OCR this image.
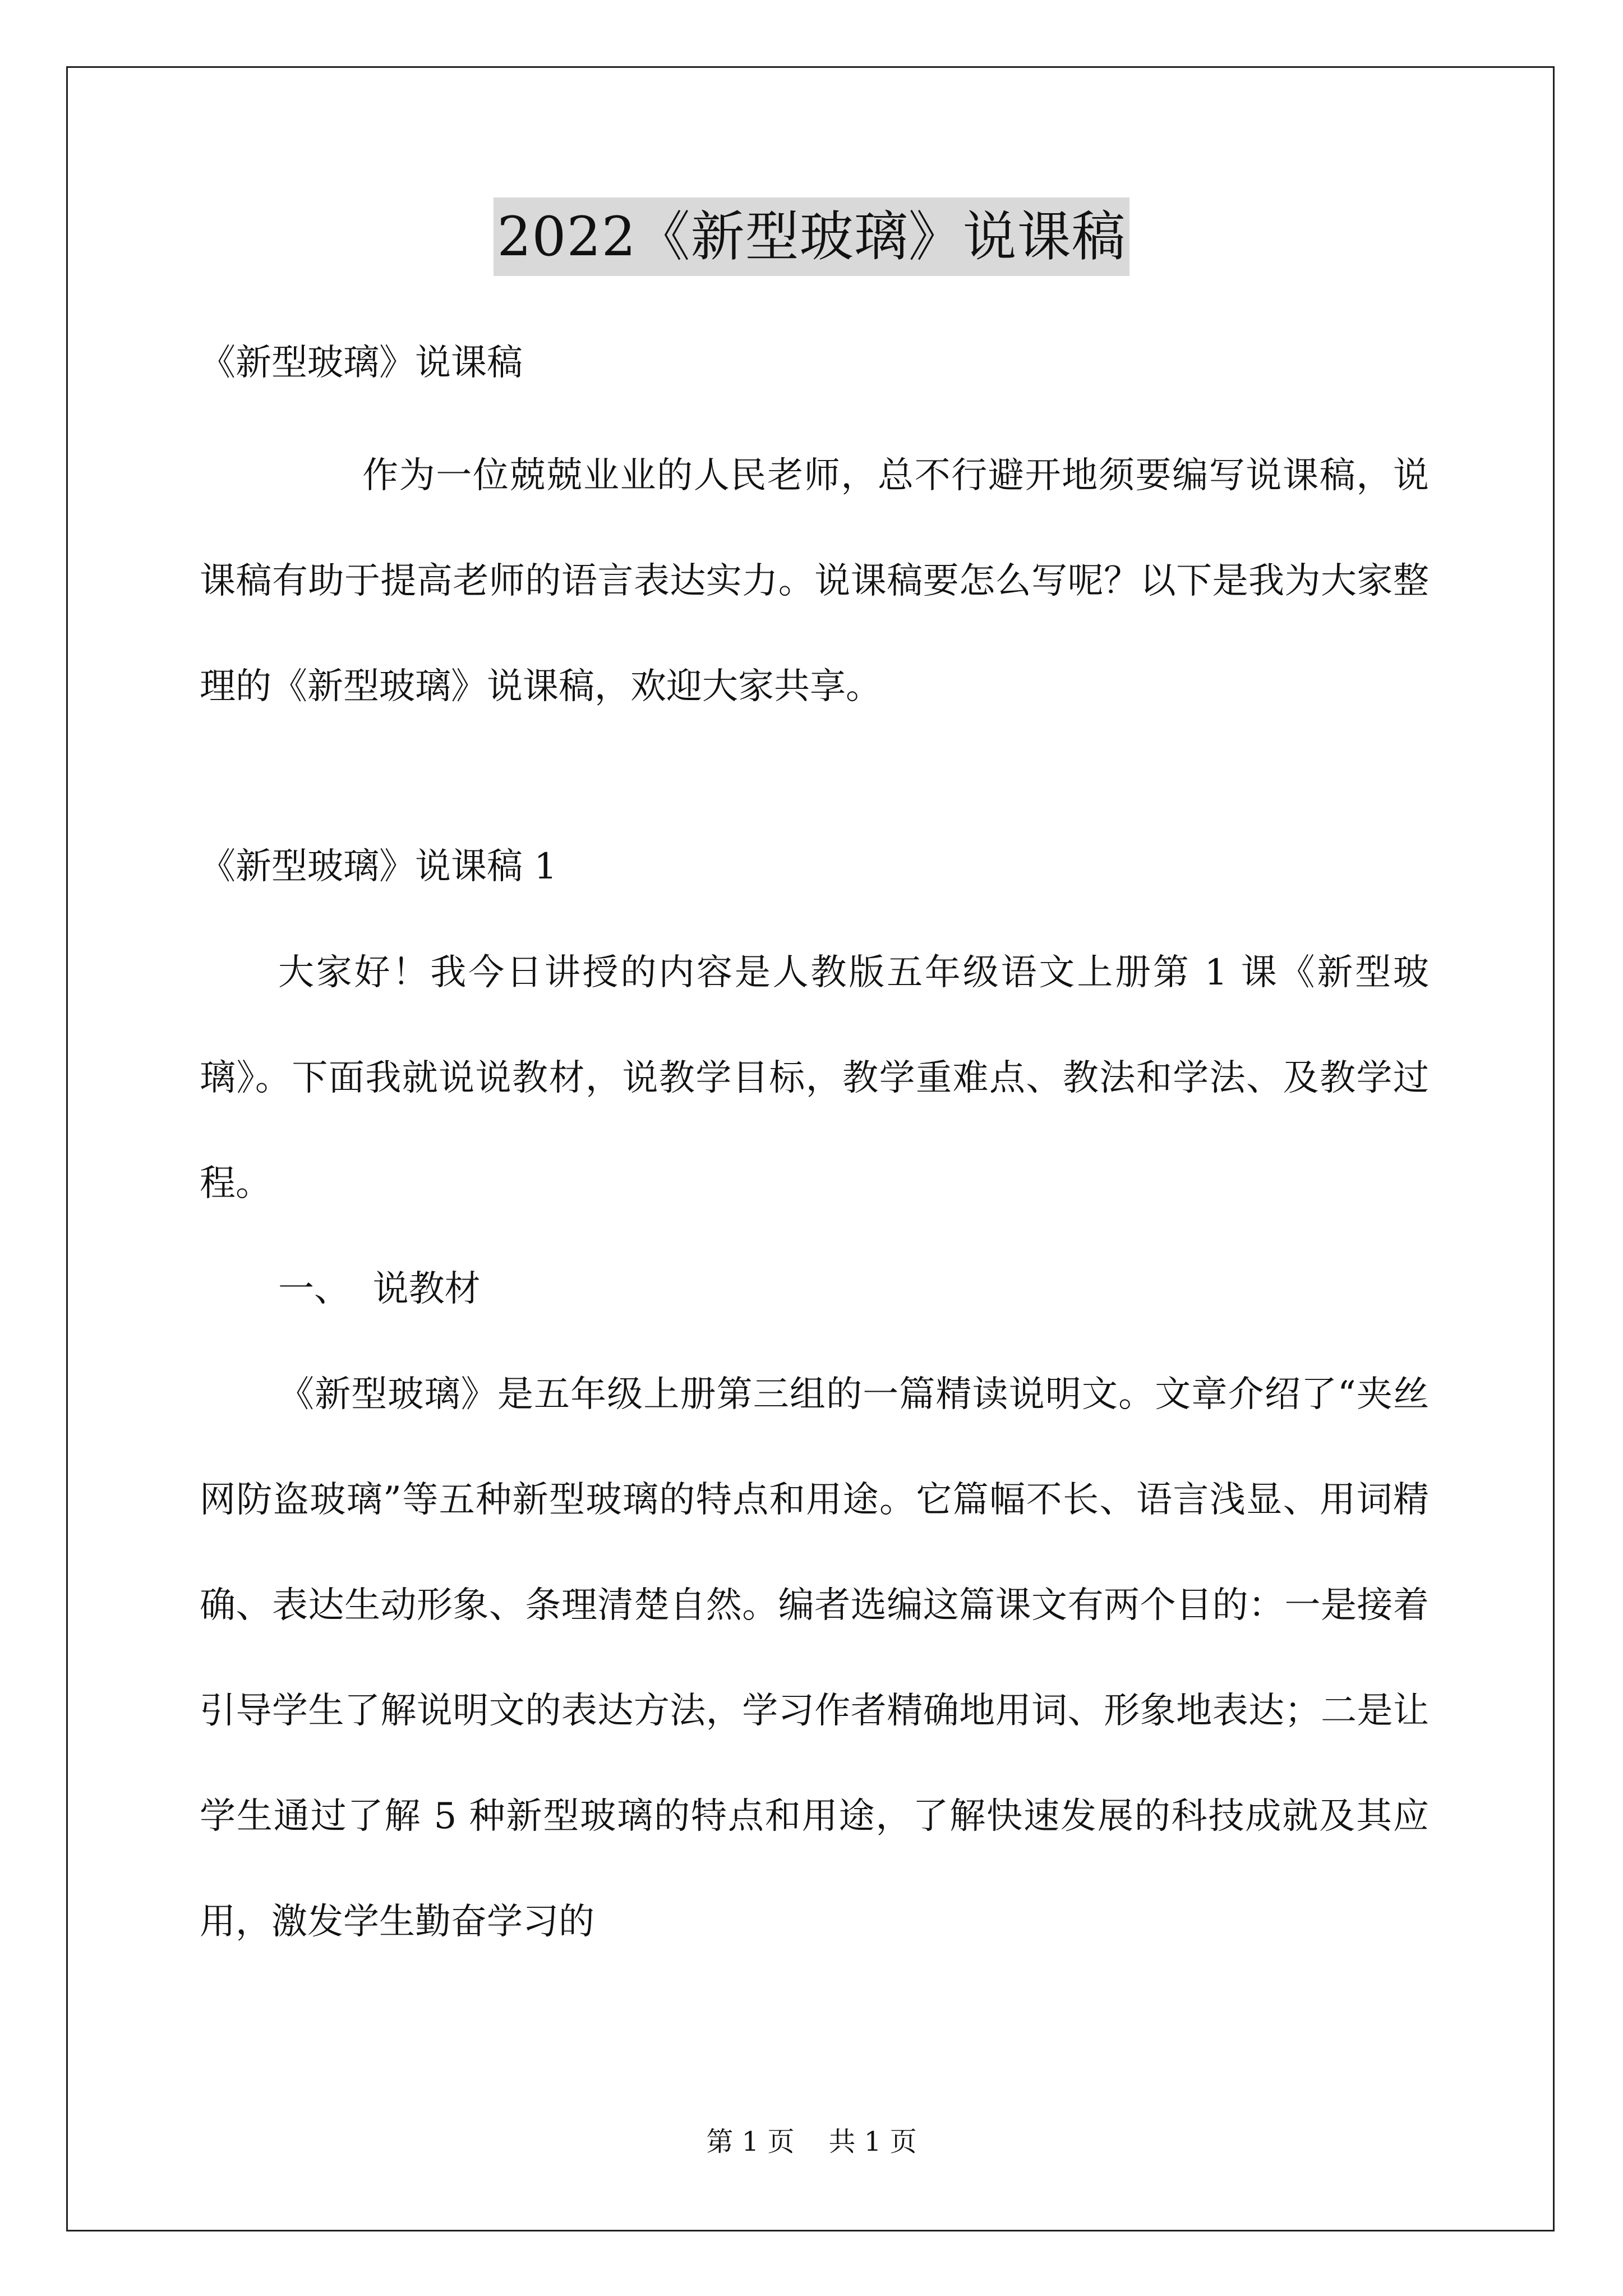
2022《新型玻璃》说课稿
《新型玻璃》说课稿
作为一位兢兢业业的人民老师，总不行避开地须要编写说课稿，说课稿有助于提高老师的语言表达实力。说课稿要怎么写呢？以下是我为大家整理的《新型玻璃》说课稿，欢迎大家共享。
《新型玻璃》说课稿 1
大家好！我今日讲授的内容是人教版五年级语文上册第 1 课《新型玻璃》。下面我就说说教材，说教学目标，教学重难点、教法和学法、及教学过程。
一、  说教材
《新型玻璃》是五年级上册第三组的一篇精读说明文。文章介绍了“夹丝网防盗玻璃”等五种新型玻璃的特点和用途。它篇幅不长、语言浅显、用词精确、表达生动形象、条理清楚自然。编者选编这篇课文有两个目的：一是接着引导学生了解说明文的表达方法，学习作者精确地用词、形象地表达；二是让学生通过了解 5 种新型玻璃的特点和用途，了解快速发展的科技成就及其应用，激发学生勤奋学习的
第 1 页    共 1 页
